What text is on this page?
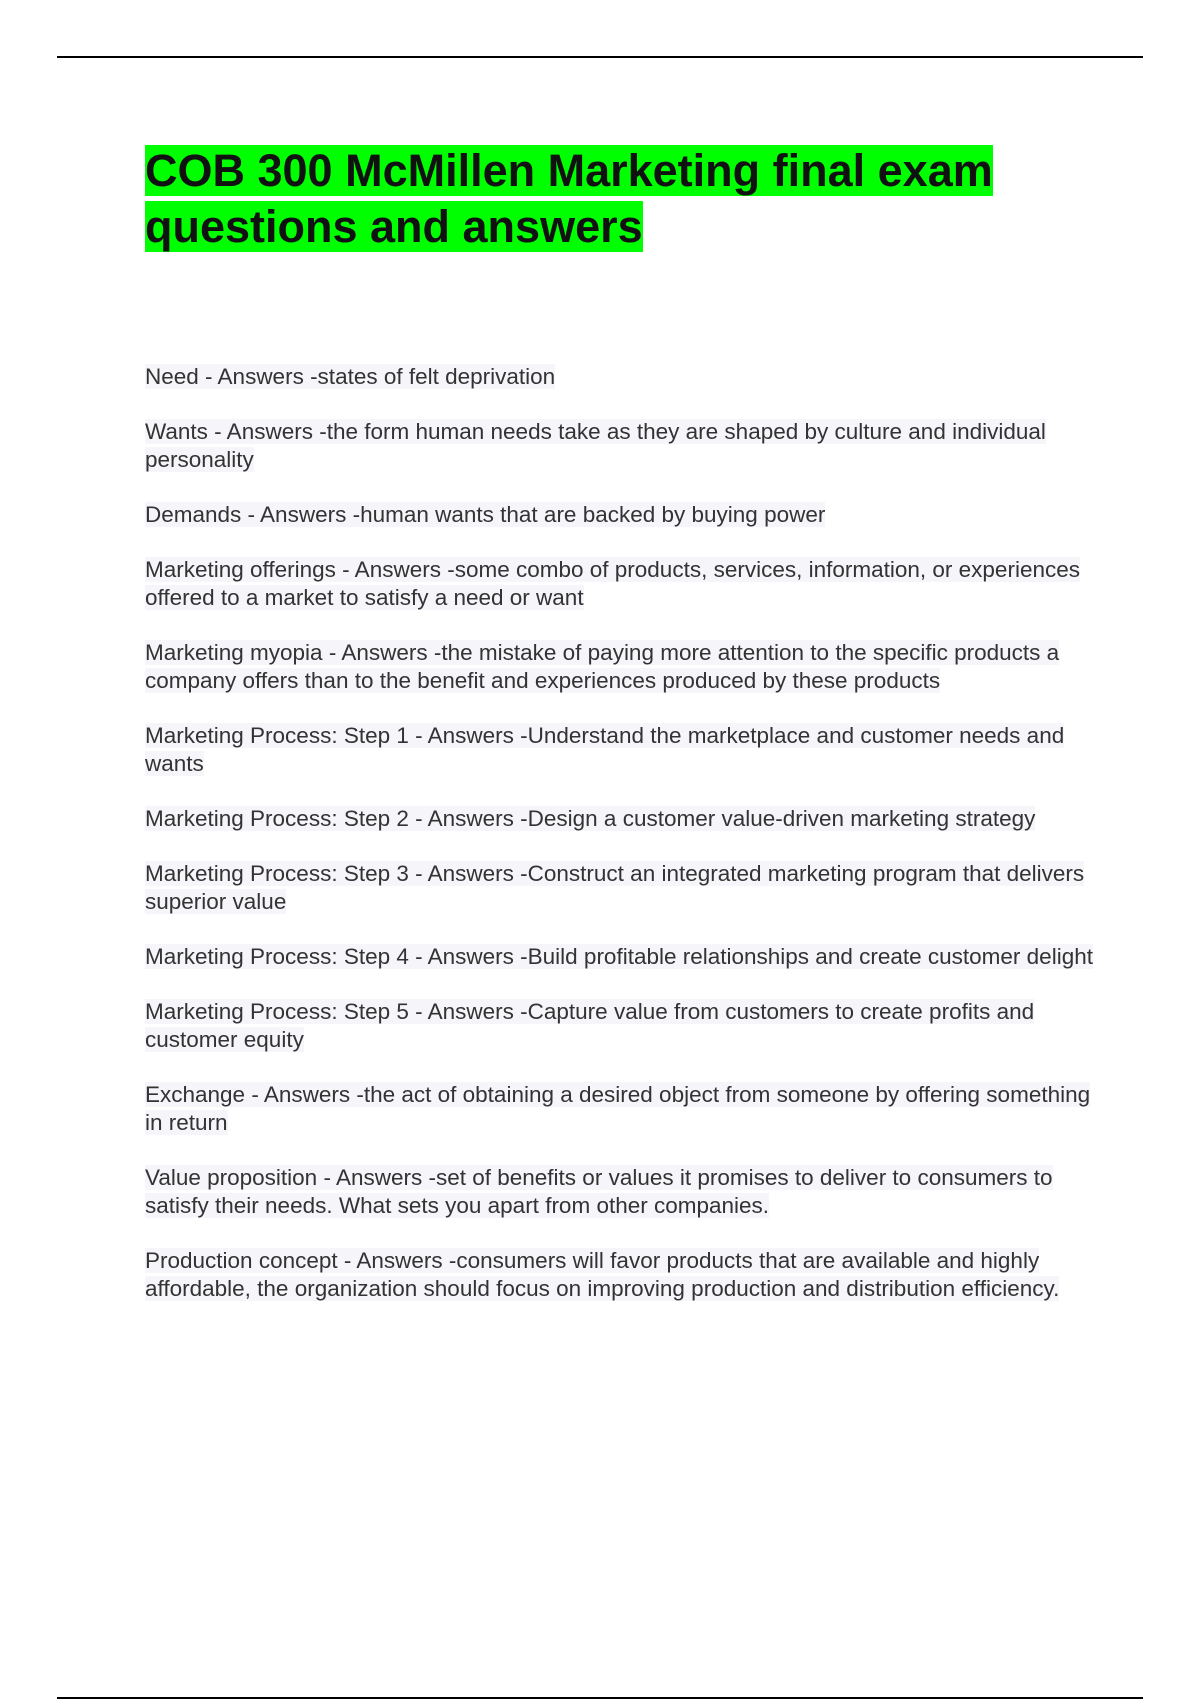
COB 300 McMillen Marketing final exam questions and answers
Need - Answers -states of felt deprivation
Wants - Answers -the form human needs take as they are shaped by culture and individual personality
Demands - Answers -human wants that are backed by buying power
Marketing offerings - Answers -some combo of products, services, information, or experiences offered to a market to satisfy a need or want
Marketing myopia - Answers -the mistake of paying more attention to the specific products a company offers than to the benefit and experiences produced by these products
Marketing Process: Step 1 - Answers -Understand the marketplace and customer needs and wants
Marketing Process: Step 2 - Answers -Design a customer value-driven marketing strategy
Marketing Process: Step 3 - Answers -Construct an integrated marketing program that delivers superior value
Marketing Process: Step 4 - Answers -Build profitable relationships and create customer delight
Marketing Process: Step 5 - Answers -Capture value from customers to create profits and customer equity
Exchange - Answers -the act of obtaining a desired object from someone by offering something in return
Value proposition - Answers -set of benefits or values it promises to deliver to consumers to satisfy their needs. What sets you apart from other companies.
Production concept - Answers -consumers will favor products that are available and highly affordable, the organization should focus on improving production and distribution efficiency.
